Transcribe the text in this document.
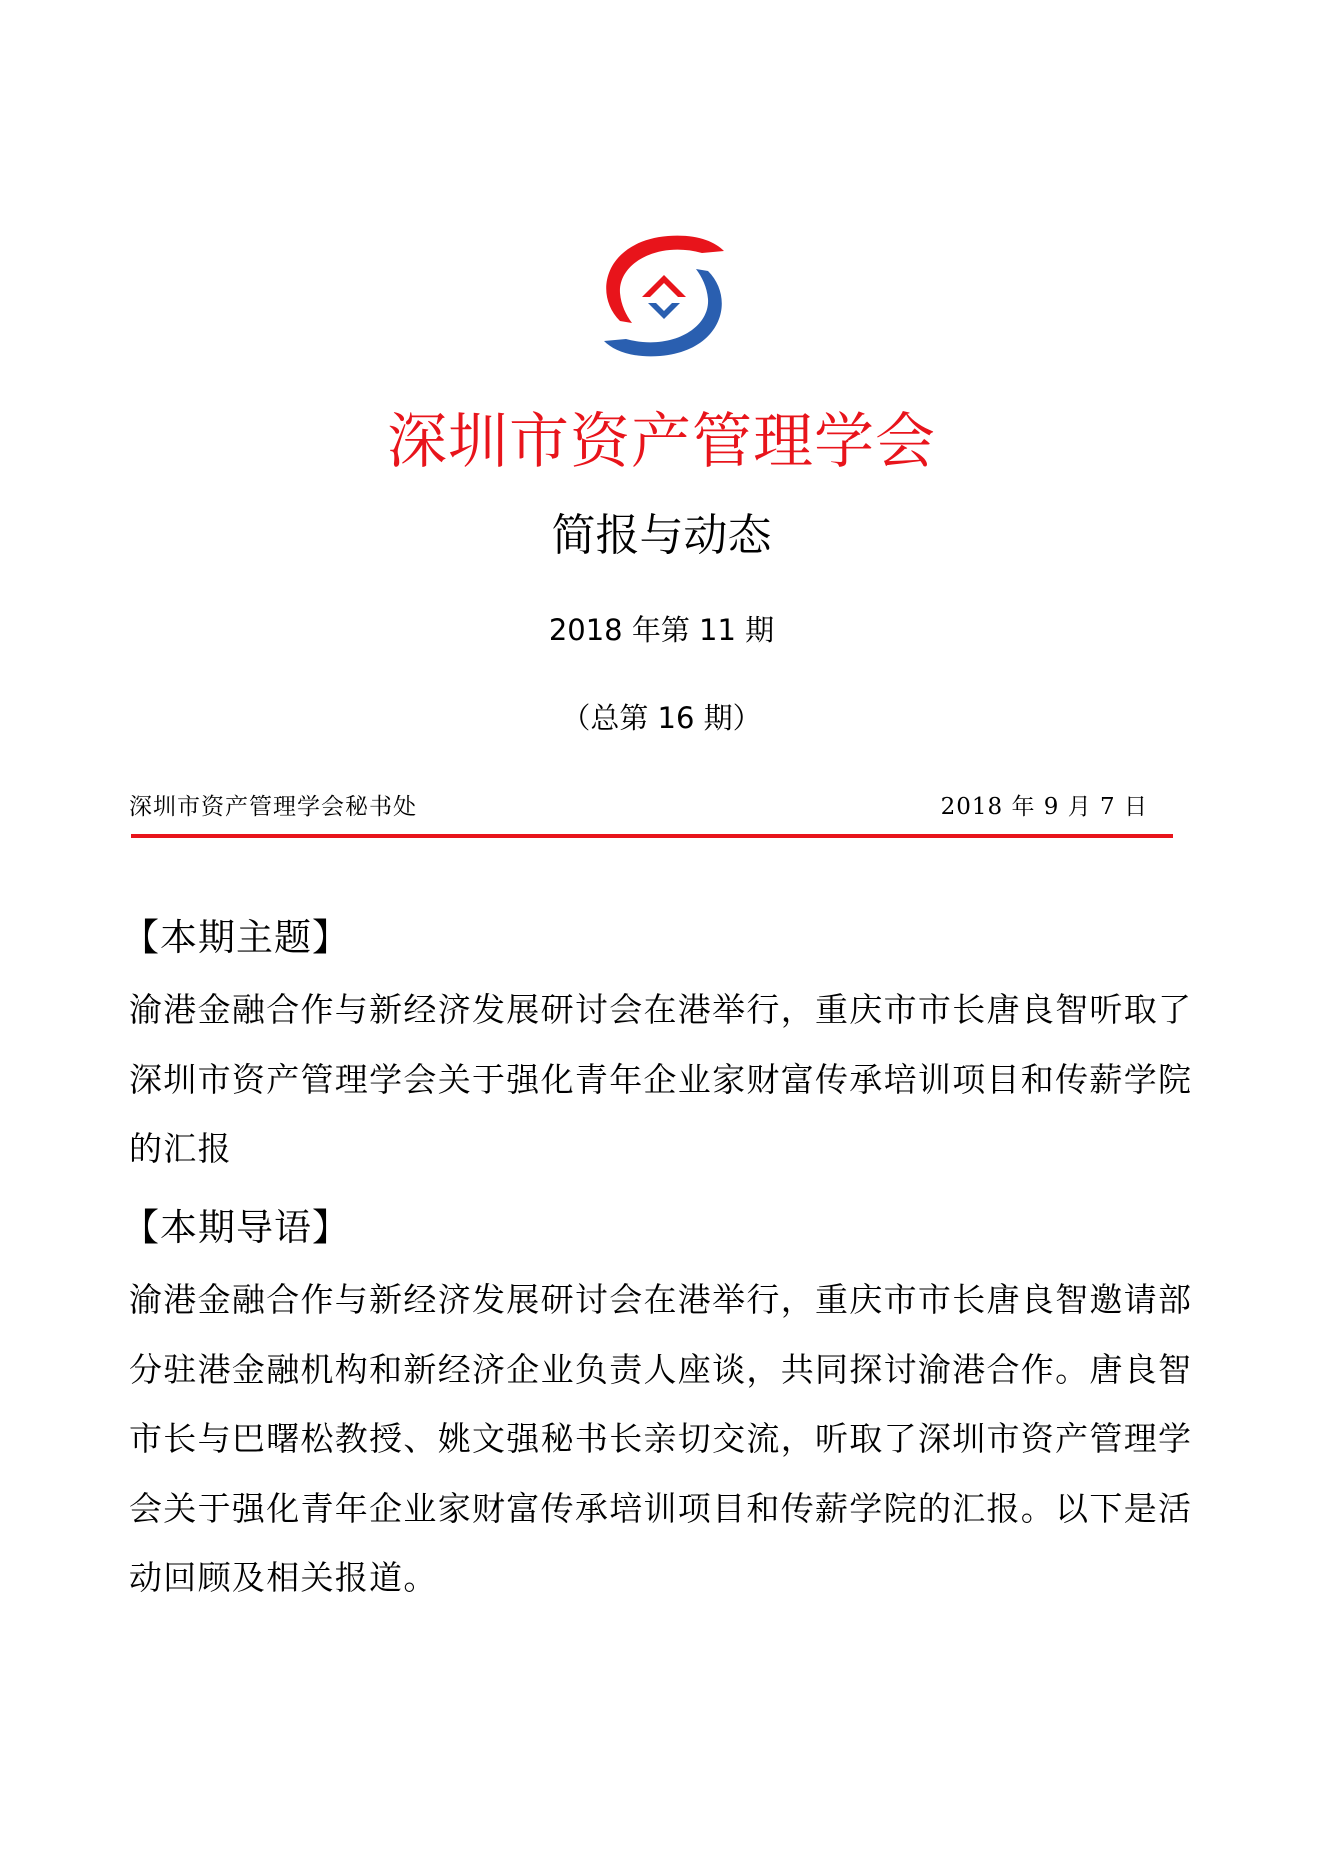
深圳市资产管理学会
简报与动态
2018 年第 11 期
（总第 16 期）
深圳市资产管理学会秘书处	2018 年 9 月 7 日
【本期主题】

渝港金融合作与新经济发展研讨会在港举行，重庆市市长唐良智听取了深圳市资产管理学会关于强化青年企业家财富传承培训项目和传薪学院的汇报

【本期导语】

渝港金融合作与新经济发展研讨会在港举行，重庆市市长唐良智邀请部分驻港金融机构和新经济企业负责人座谈，共同探讨渝港合作。唐良智市长与巴曙松教授、姚文强秘书长亲切交流，听取了深圳市资产管理学会关于强化青年企业家财富传承培训项目和传薪学院的汇报。以下是活动回顾及相关报道。
